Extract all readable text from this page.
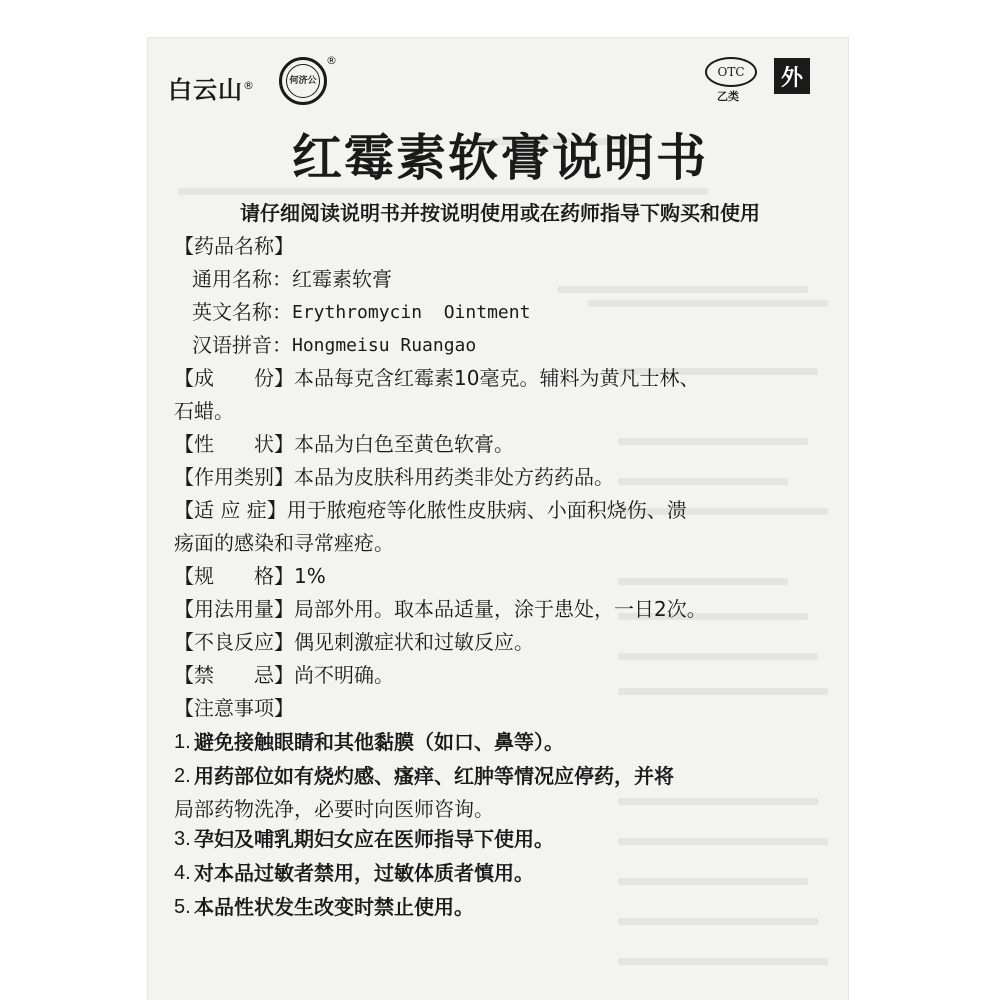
白云山®	何济公
®
OTC
乙类
外
红霉素软膏说明书
请仔细阅读说明书并按说明使用或在药师指导下购买和使用
【药品名称】
通用名称： 红霉素软膏
英文名称： Erythromycin  Ointment
汉语拼音： Hongmeisu Ruangao
【成　　份】 本品每克含红霉素10毫克。辅料为黄凡士林、
石蜡。
【性　　状】 本品为白色至黄色软膏。
【作用类别】 本品为皮肤科用药类非处方药药品。
【适 应 症】 用于脓疱疮等化脓性皮肤病、小面积烧伤、溃
疡面的感染和寻常痤疮。
【规　　格】 1%
【用法用量】 局部外用。取本品适量，涂于患处，一日2次。
【不良反应】 偶见刺激症状和过敏反应。
【禁　　忌】 尚不明确。
【注意事项】
1. 避免接触眼睛和其他黏膜（如口、鼻等）。
2. 用药部位如有烧灼感、瘙痒、红肿等情况应停药，并将
局部药物洗净，必要时向医师咨询。
3. 孕妇及哺乳期妇女应在医师指导下使用。
4. 对本品过敏者禁用，过敏体质者慎用。
5. 本品性状发生改变时禁止使用。
